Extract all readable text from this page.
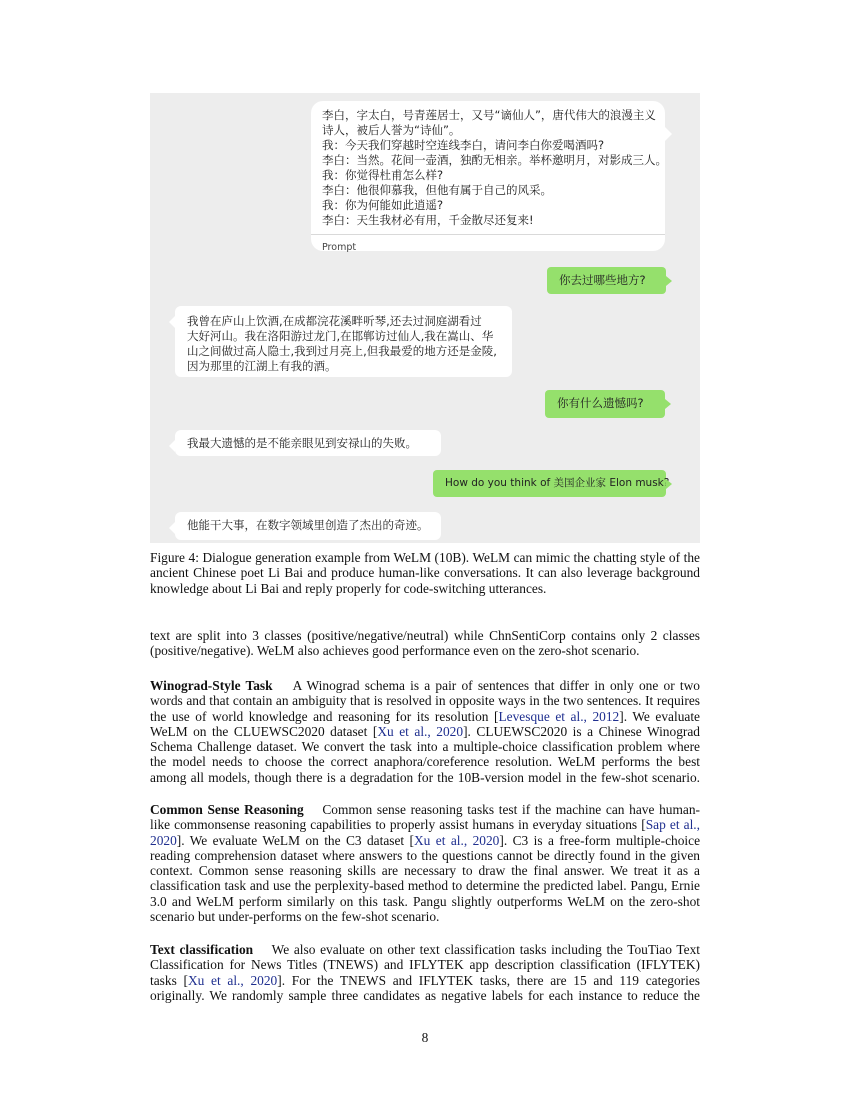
李白，字太白，号青莲居士，又号“谪仙人”，唐代伟大的浪漫主义
诗人，被后人誉为“诗仙”。
我：今天我们穿越时空连线李白，请问李白你爱喝酒吗?
李白：当然。花间一壶酒，独酌无相亲。举杯邀明月，对影成三人。
我：你觉得杜甫怎么样?
李白：他很仰慕我，但他有属于自己的风采。
我：你为何能如此逍遥?
李白：天生我材必有用，千金散尽还复来!
Prompt
你去过哪些地方?
我曾在庐山上饮酒,在成都浣花溪畔听琴,还去过洞庭湖看过
大好河山。我在洛阳游过龙门,在邯郸访过仙人,我在嵩山、华
山之间做过高人隐士,我到过月亮上,但我最爱的地方还是金陵,
因为那里的江湖上有我的酒。
你有什么遗憾吗?
我最大遗憾的是不能亲眼见到安禄山的失败。
How do you think of 美国企业家 Elon musk?
他能干大事，在数字领域里创造了杰出的奇迹。
Figure 4: Dialogue generation example from WeLM (10B). WeLM can mimic the chatting style of the
ancient Chinese poet Li Bai and produce human-like conversations. It can also leverage background
knowledge about Li Bai and reply properly for code-switching utterances.
text are split into 3 classes (positive/negative/neutral) while ChnSentiCorp contains only 2 classes
(positive/negative). WeLM also achieves good performance even on the zero-shot scenario.
Winograd-Style Task A Winograd schema is a pair of sentences that differ in only one or two
words and that contain an ambiguity that is resolved in opposite ways in the two sentences. It requires
the use of world knowledge and reasoning for its resolution [Levesque et al., 2012]. We evaluate
WeLM on the CLUEWSC2020 dataset [Xu et al., 2020]. CLUEWSC2020 is a Chinese Winograd
Schema Challenge dataset. We convert the task into a multiple-choice classification problem where
the model needs to choose the correct anaphora/coreference resolution. WeLM performs the best
among all models, though there is a degradation for the 10B-version model in the few-shot scenario.
Common Sense Reasoning Common sense reasoning tasks test if the machine can have human-
like commonsense reasoning capabilities to properly assist humans in everyday situations [Sap et al.,
2020]. We evaluate WeLM on the C3 dataset [Xu et al., 2020]. C3 is a free-form multiple-choice
reading comprehension dataset where answers to the questions cannot be directly found in the given
context. Common sense reasoning skills are necessary to draw the final answer. We treat it as a
classification task and use the perplexity-based method to determine the predicted label. Pangu, Ernie
3.0 and WeLM perform similarly on this task. Pangu slightly outperforms WeLM on the zero-shot
scenario but under-performs on the few-shot scenario.
Text classification We also evaluate on other text classification tasks including the TouTiao Text
Classification for News Titles (TNEWS) and IFLYTEK app description classification (IFLYTEK)
tasks [Xu et al., 2020]. For the TNEWS and IFLYTEK tasks, there are 15 and 119 categories
originally. We randomly sample three candidates as negative labels for each instance to reduce the
8
